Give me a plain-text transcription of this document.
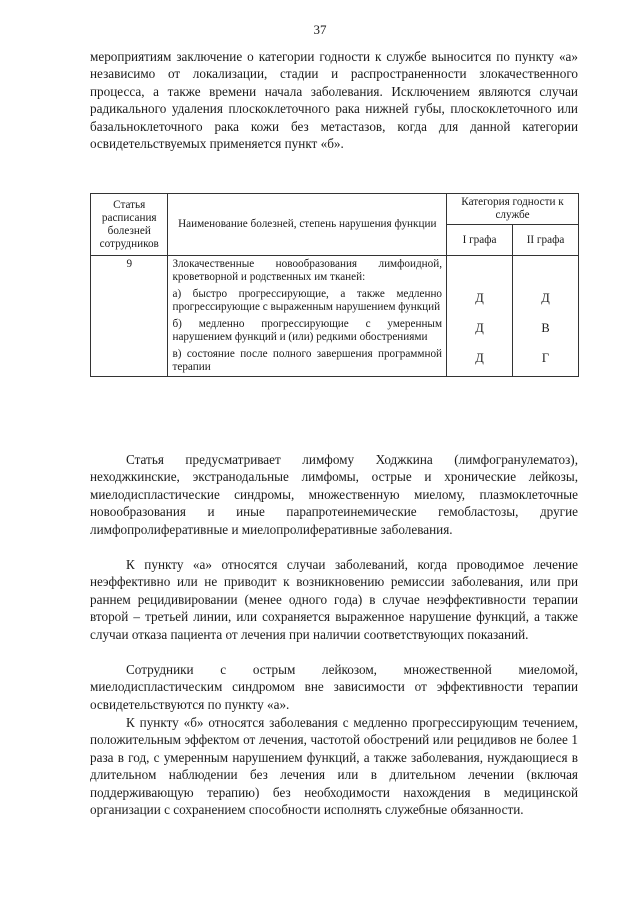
37

мероприятиям заключение о категории годности к службе выносится по пункту «а» независимо от локализации, стадии и распространенности злокачественного процесса, а также времени начала заболевания. Исключением являются случаи радикального удаления плоскоклеточного рака нижней губы, плоскоклеточного или базальноклеточного рака кожи без метастазов, когда для данной категории освидетельствуемых применяется пункт «б».

Статья расписания болезней сотрудников	Наименование болезней, степень нарушения функции	Категория годности к службе	
		I графа	II графа
9	Злокачественные новообразования лимфоидной, кроветворной и родственных им тканей:		
	а) быстро прогрессирующие, а также медленно прогрессирующие с выраженным нарушением функций	Д	Д
	б) медленно прогрессирующие с умеренным нарушением функций и (или) редкими обострениями	Д	В
	в) состояние после полного завершения программной терапии	Д	Г

Статья предусматривает лимфому Ходжкина (лимфогранулематоз), неходжкинские, экстранодальные лимфомы, острые и хронические лейкозы, миелодиспластические синдромы, множественную миелому, плазмоклеточные новообразования и иные парапротеинемические гемобластозы, другие лимфопролиферативные и миелопролиферативные заболевания.

К пункту «а» относятся случаи заболеваний, когда проводимое лечение неэффективно или не приводит к возникновению ремиссии заболевания, или при раннем рецидивировании (менее одного года) в случае неэффективности терапии второй – третьей линии, или сохраняется выраженное нарушение функций, а также случаи отказа пациента от лечения при наличии соответствующих показаний.

Сотрудники с острым лейкозом, множественной миеломой, миелодиспластическим синдромом вне зависимости от эффективности терапии освидетельствуются по пункту «а».

К пункту «б» относятся заболевания с медленно прогрессирующим течением, положительным эффектом от лечения, частотой обострений или рецидивов не более 1 раза в год, с умеренным нарушением функций, а также заболевания, нуждающиеся в длительном наблюдении без лечения или в длительном лечении (включая поддерживающую терапию) без необходимости нахождения в медицинской организации с сохранением способности исполнять служебные обязанности.
